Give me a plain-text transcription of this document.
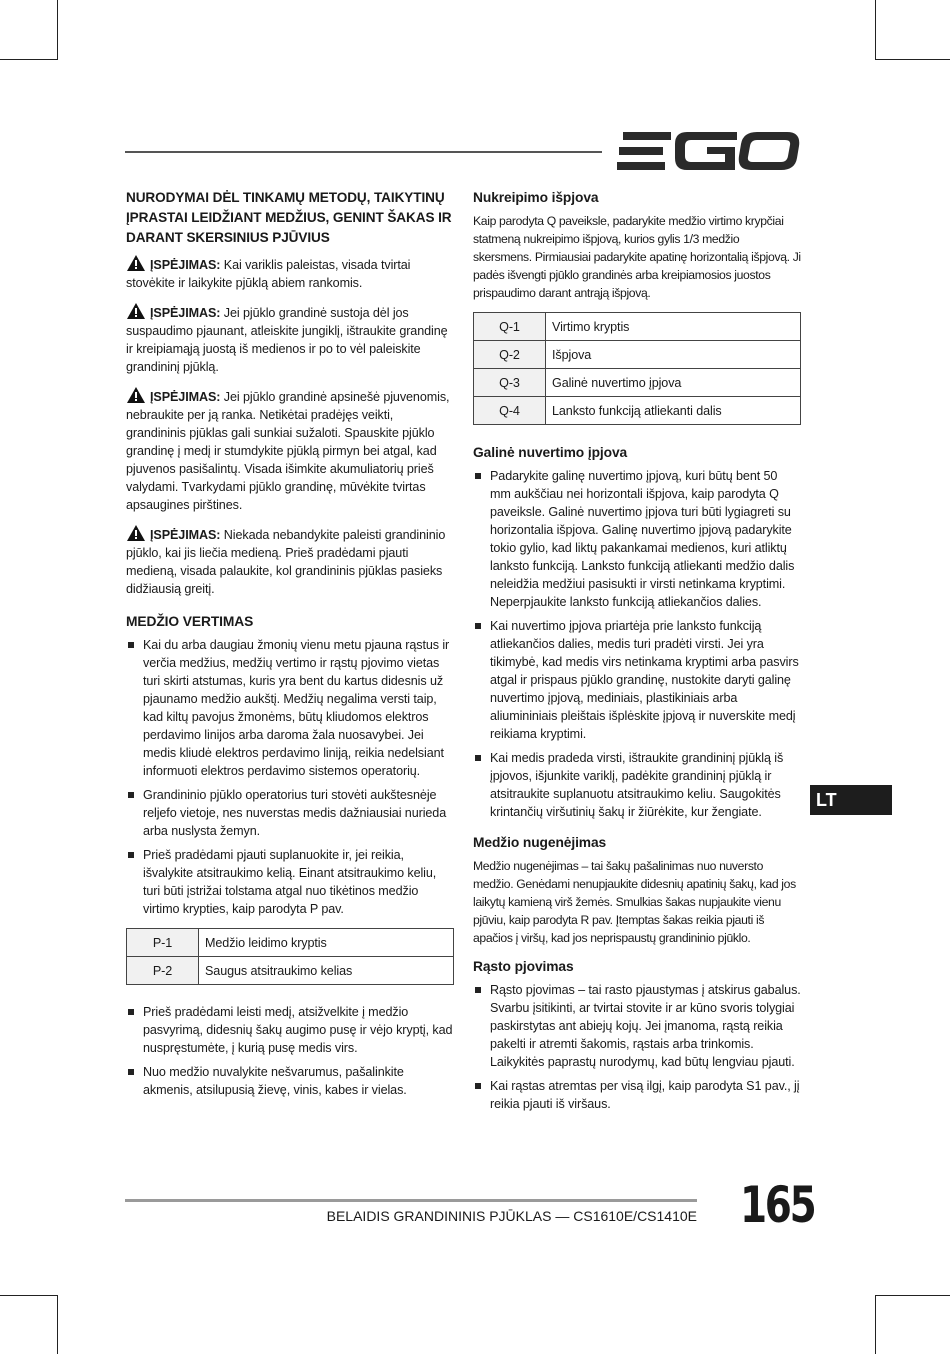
NURODYMAI DĖL TINKAMŲ METODŲ, TAIKYTINŲ ĮPRASTAI LEIDŽIANT MEDŽIUS, GENINT ŠAKAS IR DARANT SKERSINIUS PJŪVIUS

ĮSPĖJIMAS: Kai variklis paleistas, visada tvirtai stovėkite ir laikykite pjūklą abiem rankomis.

ĮSPĖJIMAS: Jei pjūklo grandinė sustoja dėl jos suspaudimo pjaunant, atleiskite jungiklį, ištraukite grandinę ir kreipiamąją juostą iš medienos ir po to vėl paleiskite grandininį pjūklą.

ĮSPĖJIMAS: Jei pjūklo grandinė apsinešė pjuvenomis, nebraukite per ją ranka. Netikėtai pradėjęs veikti, grandininis pjūklas gali sunkiai sužaloti. Spauskite pjūklo grandinę į medį ir stumdykite pjūklą pirmyn bei atgal, kad pjuvenos pasišalintų. Visada išimkite akumuliatorių prieš valydami. Tvarkydami pjūklo grandinę, mūvėkite tvirtas apsaugines pirštines.

ĮSPĖJIMAS: Niekada nebandykite paleisti grandininio pjūklo, kai jis liečia medieną. Prieš pradėdami pjauti medieną, visada palaukite, kol grandininis pjūklas pasieks didžiausią greitį.

MEDŽIO VERTIMAS
Kai du arba daugiau žmonių vienu metu pjauna rąstus ir verčia medžius, medžių vertimo ir rąstų pjovimo vietas turi skirti atstumas, kuris yra bent du kartus didesnis už pjaunamo medžio aukštį. Medžių negalima versti taip, kad kiltų pavojus žmonėms, būtų kliudomos elektros perdavimo linijos arba daroma žala nuosavybei. Jei medis kliudė elektros perdavimo liniją, reikia nedelsiant informuoti elektros perdavimo sistemos operatorių.
Grandininio pjūklo operatorius turi stovėti aukštesnėje reljefo vietoje, nes nuverstas medis dažniausiai nurieda arba nuslysta žemyn.
Prieš pradėdami pjauti suplanuokite ir, jei reikia, išvalykite atsitraukimo kelią. Einant atsitraukimo keliu, turi būti įstrižai tolstama atgal nuo tikėtinos medžio virtimo krypties, kaip parodyta P pav.
P-1	Medžio leidimo kryptis
P-2	Saugus atsitraukimo kelias
Prieš pradėdami leisti medį, atsižvelkite į medžio pasvyrimą, didesnių šakų augimo pusę ir vėjo kryptį, kad nuspręstumėte, į kurią pusę medis virs.
Nuo medžio nuvalykite nešvarumus, pašalinkite akmenis, atsilupusią žievę, vinis, kabes ir vielas.
Nukreipimo išpjova

Kaip parodyta Q paveiksle, padarykite medžio virtimo krypčiai statmeną nukreipimo išpjovą, kurios gylis 1/3 medžio skersmens. Pirmiausiai padarykite apatinę horizontalią išpjovą. Ji padės išvengti pjūklo grandinės arba kreipiamosios juostos prispaudimo darant antrąją išpjovą.

Q-1	Virtimo kryptis
Q-2	Išpjova
Q-3	Galinė nuvertimo įpjova
Q-4	Lanksto funkciją atliekanti dalis
Galinė nuvertimo įpjova
Padarykite galinę nuvertimo įpjovą, kuri būtų bent 50 mm aukščiau nei horizontali išpjova, kaip parodyta Q paveiksle. Galinė nuvertimo įpjova turi būti lygiagreti su horizontalia išpjova. Galinę nuvertimo įpjovą padarykite tokio gylio, kad liktų pakankamai medienos, kuri atliktų lanksto funkciją. Lanksto funkciją atliekanti medžio dalis neleidžia medžiui pasisukti ir virsti netinkama kryptimi. Neperpjaukite lanksto funkciją atliekančios dalies.
Kai nuvertimo įpjova priartėja prie lanksto funkciją atliekančios dalies, medis turi pradėti virsti. Jei yra tikimybė, kad medis virs netinkama kryptimi arba pasvirs atgal ir prispaus pjūklo grandinę, nustokite daryti galinę nuvertimo įpjovą, mediniais, plastikiniais arba aliumininiais pleištais išplėskite įpjovą ir nuverskite medį reikiama kryptimi.
Kai medis pradeda virsti, ištraukite grandininį pjūklą iš įpjovos, išjunkite variklį, padėkite grandininį pjūklą ir atsitraukite suplanuotu atsitraukimo keliu. Saugokitės krintančių viršutinių šakų ir žiūrėkite, kur žengiate.
Medžio nugenėjimas

Medžio nugenėjimas – tai šakų pašalinimas nuo nuversto medžio. Genėdami nenupjaukite didesnių apatinių šakų, kad jos laikytų kamieną virš žemės. Smulkias šakas nupjaukite vienu pjūviu, kaip parodyta R pav. Įtemptas šakas reikia pjauti iš apačios į viršų, kad jos neprispaustų grandininio pjūklo.

Rąsto pjovimas
Rąsto pjovimas – tai rasto pjaustymas į atskirus gabalus. Svarbu įsitikinti, ar tvirtai stovite ir ar kūno svoris tolygiai paskirstytas ant abiejų kojų. Jei įmanoma, rąstą reikia pakelti ir atremti šakomis, rąstais arba trinkomis. Laikykitės paprastų nurodymų, kad būtų lengviau pjauti.
Kai rąstas atremtas per visą ilgį, kaip parodyta S1 pav., jį reikia pjauti iš viršaus.
LT
BELAIDIS GRANDININIS PJŪKLAS — CS1610E/CS1410E 165
